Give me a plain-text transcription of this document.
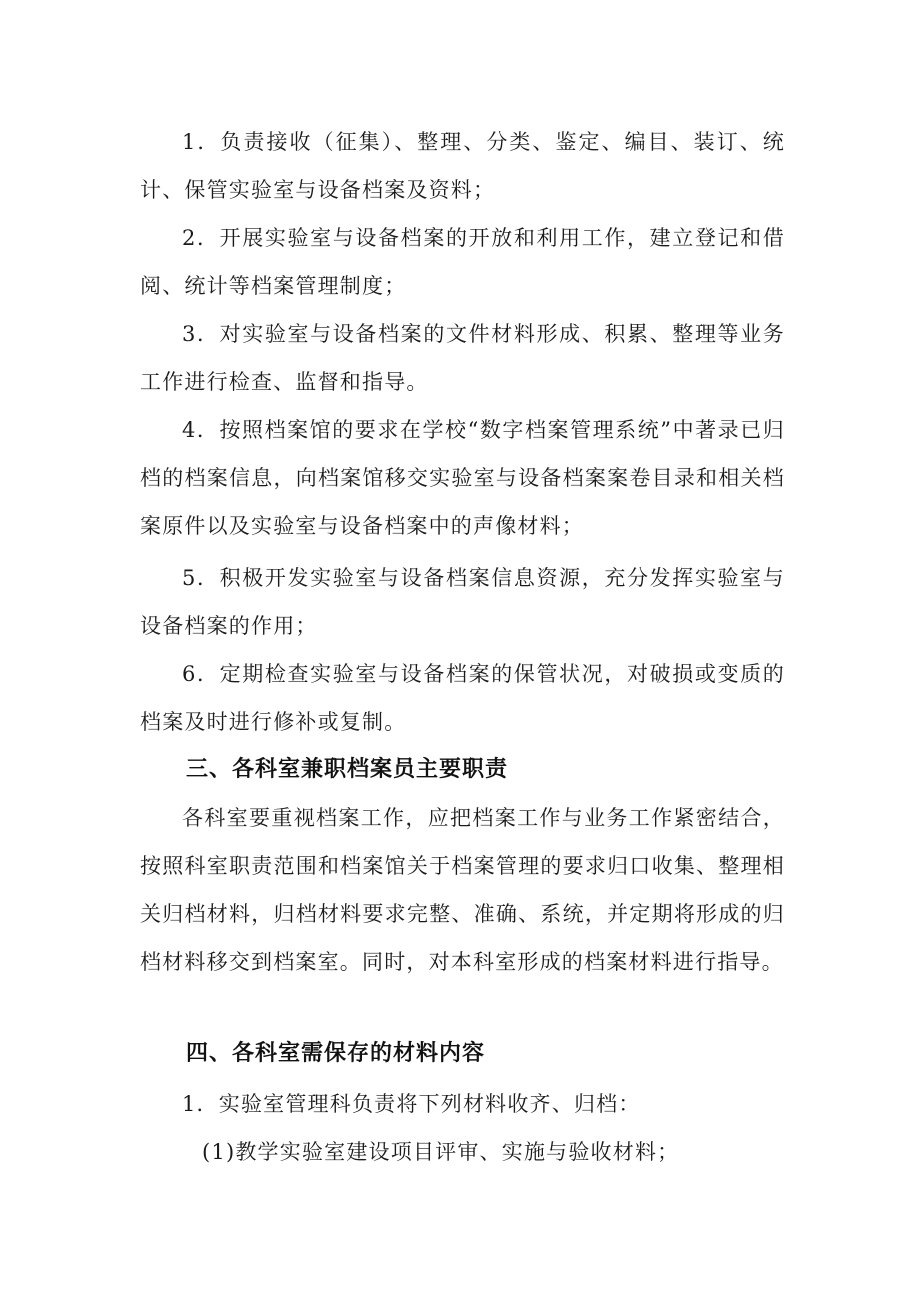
1．负责接收（征集）、整理、分类、鉴定、编目、装订、统计、保管实验室与设备档案及资料；

2．开展实验室与设备档案的开放和利用工作，建立登记和借阅、统计等档案管理制度；

3．对实验室与设备档案的文件材料形成、积累、整理等业务工作进行检查、监督和指导。

4．按照档案馆的要求在学校“数字档案管理系统”中著录已归档的档案信息，向档案馆移交实验室与设备档案案卷目录和相关档案原件以及实验室与设备档案中的声像材料；

5．积极开发实验室与设备档案信息资源，充分发挥实验室与设备档案的作用；

6．定期检查实验室与设备档案的保管状况，对破损或变质的档案及时进行修补或复制。

三、各科室兼职档案员主要职责

各科室要重视档案工作，应把档案工作与业务工作紧密结合，按照科室职责范围和档案馆关于档案管理的要求归口收集、整理相关归档材料，归档材料要求完整、准确、系统，并定期将形成的归档材料移交到档案室。同时，对本科室形成的档案材料进行指导。

四、各科室需保存的材料内容

1．实验室管理科负责将下列材料收齐、归档：

(1)教学实验室建设项目评审、实施与验收材料；
